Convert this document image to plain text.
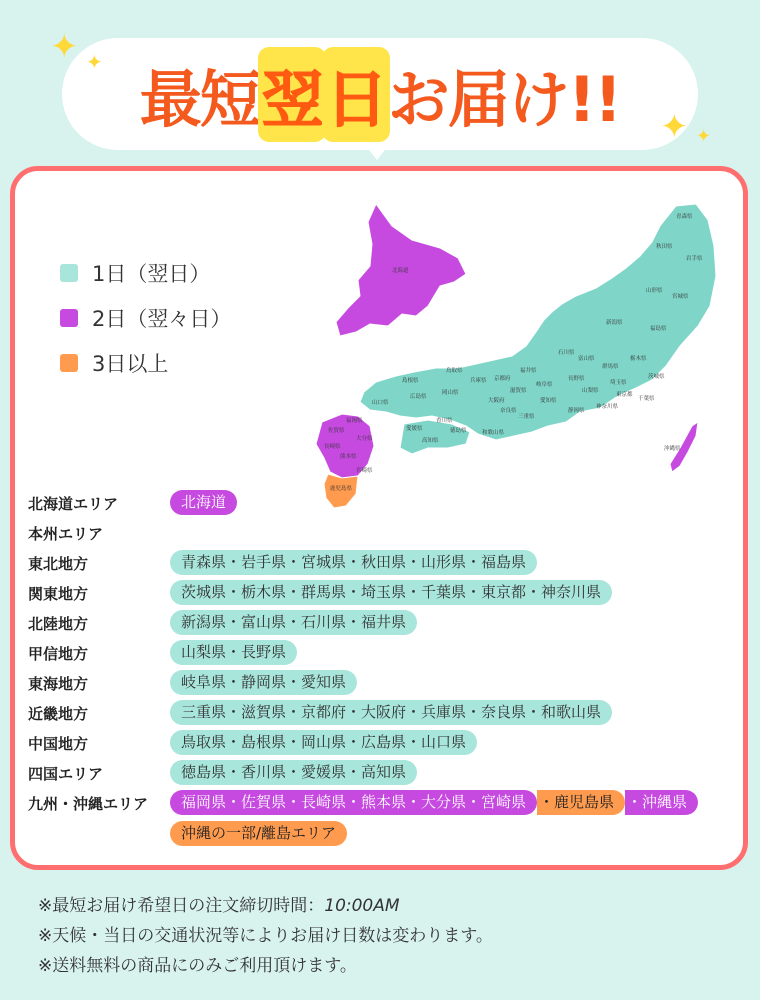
最短 翌 日 お届け!!
✦ ✦
✦ ✦
1日（翌日）
2日（翌々日）
3日以上
北海道
青森県
秋田県
岩手県
山形県
宮城県
新潟県
福島県
石川県
富山県
長野県
群馬県
栃木県
茨城県
福井県
岐阜県
山梨県
埼玉県
東京都
千葉県
神奈川県
静岡県
愛知県
滋賀県
京都府
大阪府
奈良県
三重県
和歌山県
兵庫県
鳥取県
島根県
岡山県
広島県
山口県
香川県
徳島県
愛媛県
高知県
福岡県
佐賀県
長崎県
大分県
熊本県
宮崎県
鹿児島県
沖縄県
北海道エリア	北海道
本州エリア
東北地方	青森県・岩手県・宮城県・秋田県・山形県・福島県
関東地方	茨城県・栃木県・群馬県・埼玉県・千葉県・東京都・神奈川県
北陸地方	新潟県・富山県・石川県・福井県
甲信地方	山梨県・長野県
東海地方	岐阜県・静岡県・愛知県
近畿地方	三重県・滋賀県・京都府・大阪府・兵庫県・奈良県・和歌山県
中国地方	鳥取県・島根県・岡山県・広島県・山口県
四国エリア	徳島県・香川県・愛媛県・高知県
九州・沖縄エリア	福岡県・佐賀県・長崎県・熊本県・大分県・宮崎県 ・鹿児島県 ・沖縄県
沖縄の一部/離島エリア
※最短お届け希望日の注文締切時間：10:00AM
※天候・当日の交通状況等によりお届け日数は変わります。
※送料無料の商品にのみご利用頂けます。
